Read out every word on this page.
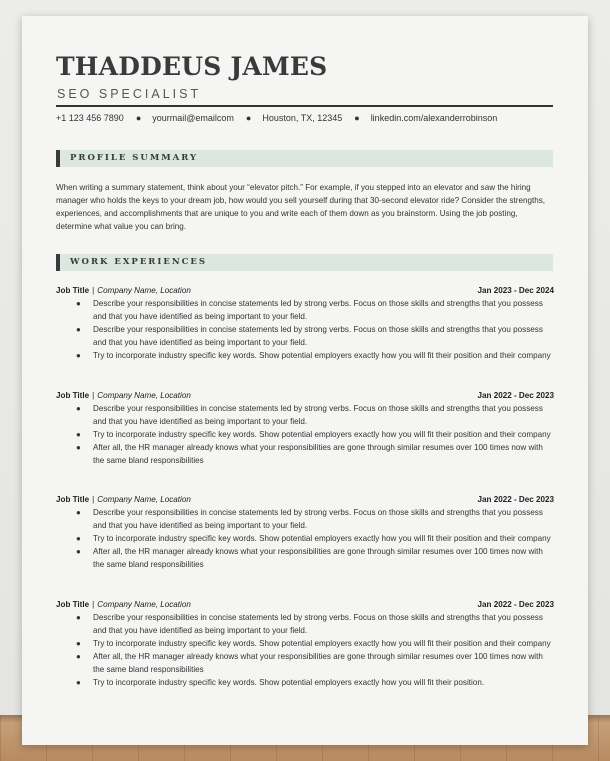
THADDEUS JAMES
SEO SPECIALIST
+1 123 456 7890 ● yourmail@emailcom ● Houston, TX, 12345 ● linkedin.com/alexanderrobinson
PROFILE SUMMARY
When writing a summary statement, think about your “elevator pitch.” For example, if you stepped into an elevator and saw the hiring manager who holds the keys to your dream job, how would you sell yourself during that 30-second elevator ride? Consider the strengths, experiences, and accomplishments that are unique to you and write each of them down as you brainstorm. Using the job posting, determine what value you can bring.
WORK EXPERIENCES
Job Title | Company Name, Location	Jan 2023 - Dec 2024
● Describe your responsibilities in concise statements led by strong verbs. Focus on those skills and strengths that you possess and that you have identified as being important to your field.
● Describe your responsibilities in concise statements led by strong verbs. Focus on those skills and strengths that you possess and that you have identified as being important to your field.
● Try to incorporate industry specific key words. Show potential employers exactly how you will fit their position and their company
Job Title | Company Name, Location	Jan 2022 - Dec 2023
● Describe your responsibilities in concise statements led by strong verbs. Focus on those skills and strengths that you possess and that you have identified as being important to your field.
● Try to incorporate industry specific key words. Show potential employers exactly how you will fit their position and their company
● After all, the HR manager already knows what your responsibilities are gone through similar resumes over 100 times now with the same bland responsibilities
Job Title | Company Name, Location	Jan 2022 - Dec 2023
● Describe your responsibilities in concise statements led by strong verbs. Focus on those skills and strengths that you possess and that you have identified as being important to your field.
● Try to incorporate industry specific key words. Show potential employers exactly how you will fit their position and their company
● After all, the HR manager already knows what your responsibilities are gone through similar resumes over 100 times now with the same bland responsibilities
Job Title | Company Name, Location	Jan 2022 - Dec 2023
● Describe your responsibilities in concise statements led by strong verbs. Focus on those skills and strengths that you possess and that you have identified as being important to your field.
● Try to incorporate industry specific key words. Show potential employers exactly how you will fit their position and their company
● After all, the HR manager already knows what your responsibilities are gone through similar resumes over 100 times now with the same bland responsibilities
● Try to incorporate industry specific key words. Show potential employers exactly how you will fit their position.
